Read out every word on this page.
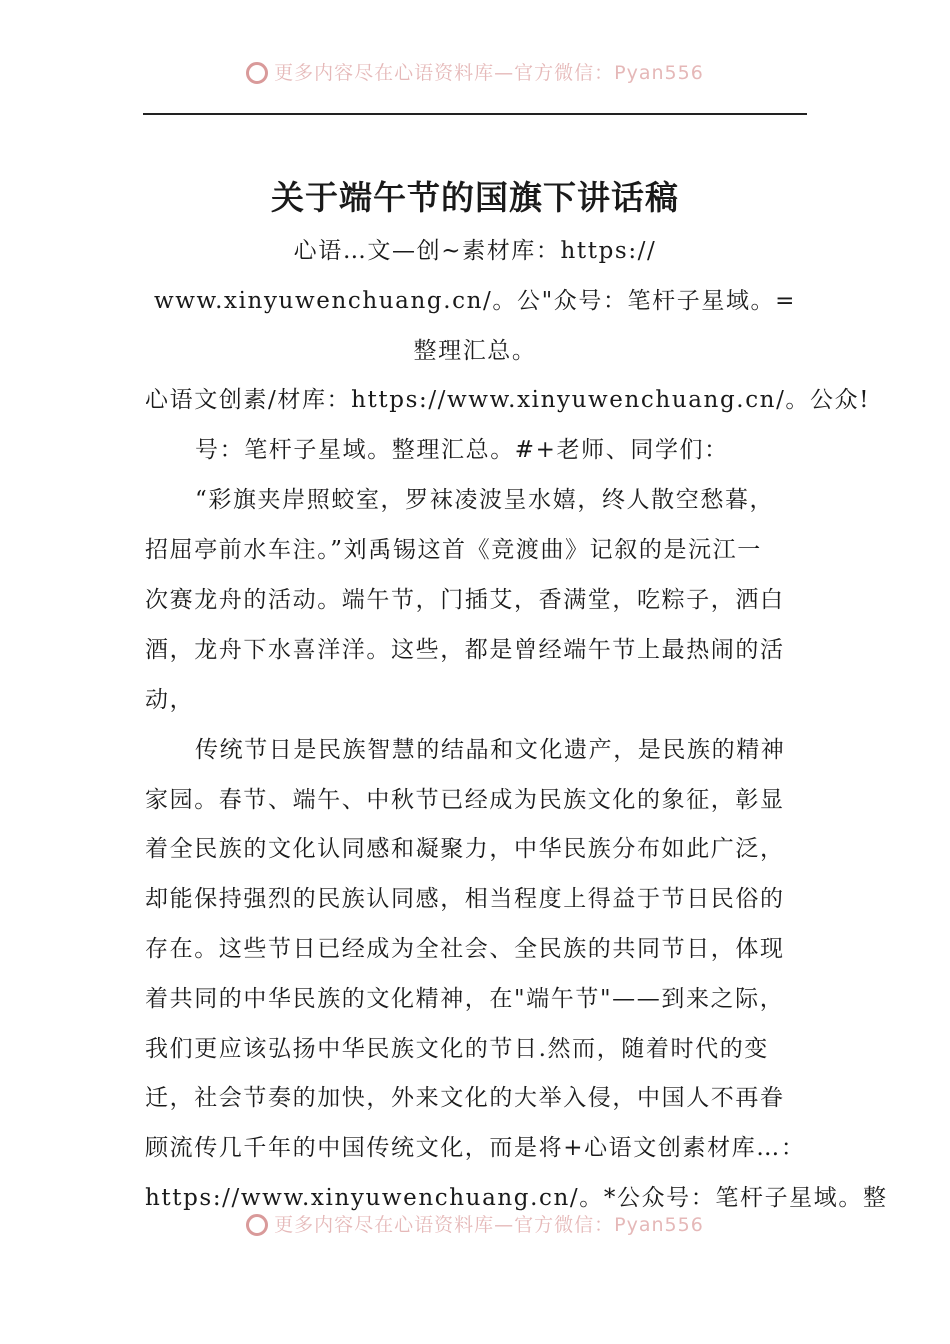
更多内容尽在心语资料库—官方微信：Pyan556
关于端午节的国旗下讲话稿
心语…文—创~素材库：https://
www.xinyuwenchuang.cn/。公"众号：笔杆子星域。=
整理汇总。
心语文创素/材库：https://www.xinyuwenchuang.cn/。公众!
号：笔杆子星域。整理汇总。#+老师、同学们：
“彩旗夹岸照蛟室，罗袜凌波呈水嬉，终人散空愁暮，
招屈亭前水车注。”刘禹锡这首《竞渡曲》记叙的是沅江一
次赛龙舟的活动。端午节，门插艾，香满堂，吃粽子，洒白
酒，龙舟下水喜洋洋。这些，都是曾经端午节上最热闹的活
动，
传统节日是民族智慧的结晶和文化遗产，是民族的精神
家园。春节、端午、中秋节已经成为民族文化的象征，彰显
着全民族的文化认同感和凝聚力，中华民族分布如此广泛，
却能保持强烈的民族认同感，相当程度上得益于节日民俗的
存在。这些节日已经成为全社会、全民族的共同节日，体现
着共同的中华民族的文化精神，在"端午节"——到来之际，
我们更应该弘扬中华民族文化的节日.然而，随着时代的变
迁，社会节奏的加快，外来文化的大举入侵，中国人不再眷
顾流传几千年的中国传统文化，而是将+心语文创素材库…：
https://www.xinyuwenchuang.cn/。*公众号：笔杆子星域。整
更多内容尽在心语资料库—官方微信：Pyan556
